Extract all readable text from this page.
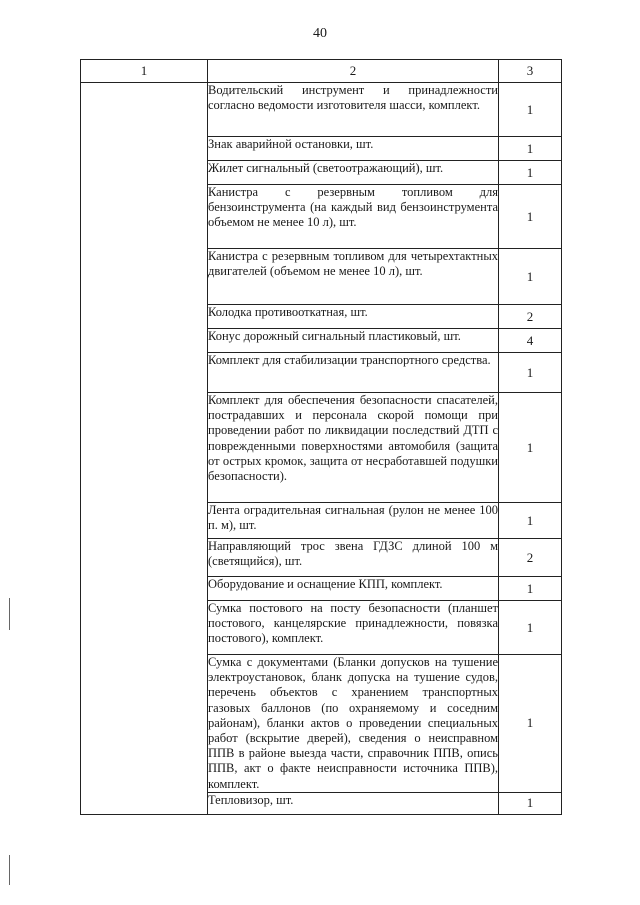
40
1	2	3
	Водительский инструмент и принадлежности согласно ведомости изготовителя шасси, комплект.	1
	Знак аварийной остановки, шт.	1
	Жилет сигнальный (светоотражающий), шт.	1
	Канистра с резервным топливом для бензоинструмента (на каждый вид бензоинструмента объемом не менее 10 л), шт.	1
	Канистра с резервным топливом для четырехтактных двигателей (объемом не менее 10 л), шт.	1
	Колодка противооткатная, шт.	2
	Конус дорожный сигнальный пластиковый, шт.	4
	Комплект для стабилизации транспортного средства.	1
	Комплект для обеспечения безопасности спасателей, пострадавших и персонала скорой помощи при проведении работ по ликвидации последствий ДТП с поврежденными поверхностями автомобиля (защита от острых кромок, защита от несработавшей подушки безопасности).	1
	Лента оградительная сигнальная (рулон не менее 100 п. м), шт.	1
	Направляющий трос звена ГДЗС длиной 100 м (светящийся), шт.	2
	Оборудование и оснащение КПП, комплект.	1
	Сумка постового на посту безопасности (планшет постового, канцелярские принадлежности, повязка постового), комплект.	1
	Сумка с документами (Бланки допусков на тушение электроустановок, бланк допуска на тушение судов, перечень объектов с хранением транспортных газовых баллонов (по охраняемому и соседним районам), бланки актов о проведении специальных работ (вскрытие дверей), сведения о неисправном ППВ в районе выезда части, справочник ППВ, опись ППВ, акт о факте неисправности источника ППВ), комплект.	1
	Тепловизор, шт.	1
